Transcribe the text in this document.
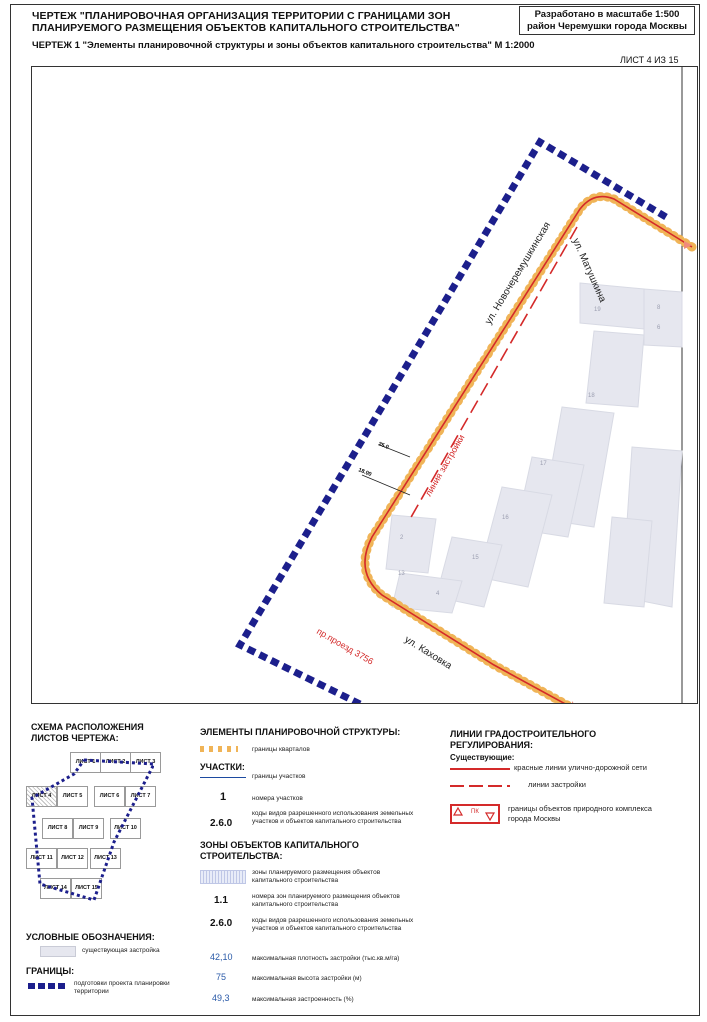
ЧЕРТЕЖ "ПЛАНИРОВОЧНАЯ ОРГАНИЗАЦИЯ ТЕРРИТОРИИ С ГРАНИЦАМИ ЗОН ПЛАНИРУЕМОГО РАЗМЕЩЕНИЯ ОБЪЕКТОВ КАПИТАЛЬНОГО СТРОИТЕЛЬСТВА"
Разработано в масштабе 1:500
район Черемушки города Москвы
ЧЕРТЕЖ 1 "Элементы планировочной структуры и зоны объектов капитального строительства" М 1:2000
ЛИСТ 4 ИЗ 15
19
6
8
18
17
16
2
15
13
4
25.0
18.00
ул. Новочеремушкинская ул. Матушкина
ул. Каховка
пр.проезд 3756
линия застройки
СХЕМА РАСПОЛОЖЕНИЯ ЛИСТОВ ЧЕРТЕЖА:
ЛИСТ 1	ЛИСТ 2	ЛИСТ 3
ЛИСТ 4	ЛИСТ 5	ЛИСТ 6	ЛИСТ 7
ЛИСТ 8	ЛИСТ 9	ЛИСТ 10
ЛИСТ 11	ЛИСТ 12	ЛИСТ 13
ЛИСТ 14	ЛИСТ 15
УСЛОВНЫЕ ОБОЗНАЧЕНИЯ:
существующая застройка
ГРАНИЦЫ:
подготовки проекта планировки территории
ЭЛЕМЕНТЫ ПЛАНИРОВОЧНОЙ СТРУКТУРЫ:
границы кварталов
УЧАСТКИ:
границы участков
1	номера участков
2.6.0
коды видов разрешенного использования земельных участков и объектов капитального строительства
ЗОНЫ ОБЪЕКТОВ КАПИТАЛЬНОГО СТРОИТЕЛЬСТВА:
зоны планируемого размещения объектов капитального строительства
1.1	номера зон планируемого размещения объектов капитального строительства
2.6.0	коды видов разрешенного использования земельных участков и объектов капитального строительства
42,10	максимальная плотность застройки (тыс.кв.м/га)
75	максимальная высота застройки (м)
49,3	максимальная застроенность (%)
ЛИНИИ ГРАДОСТРОИТЕЛЬНОГО РЕГУЛИРОВАНИЯ:
Существующие:
красные линии улично-дорожной сети
линии застройки
ПК	границы объектов природного комплекса города Москвы
